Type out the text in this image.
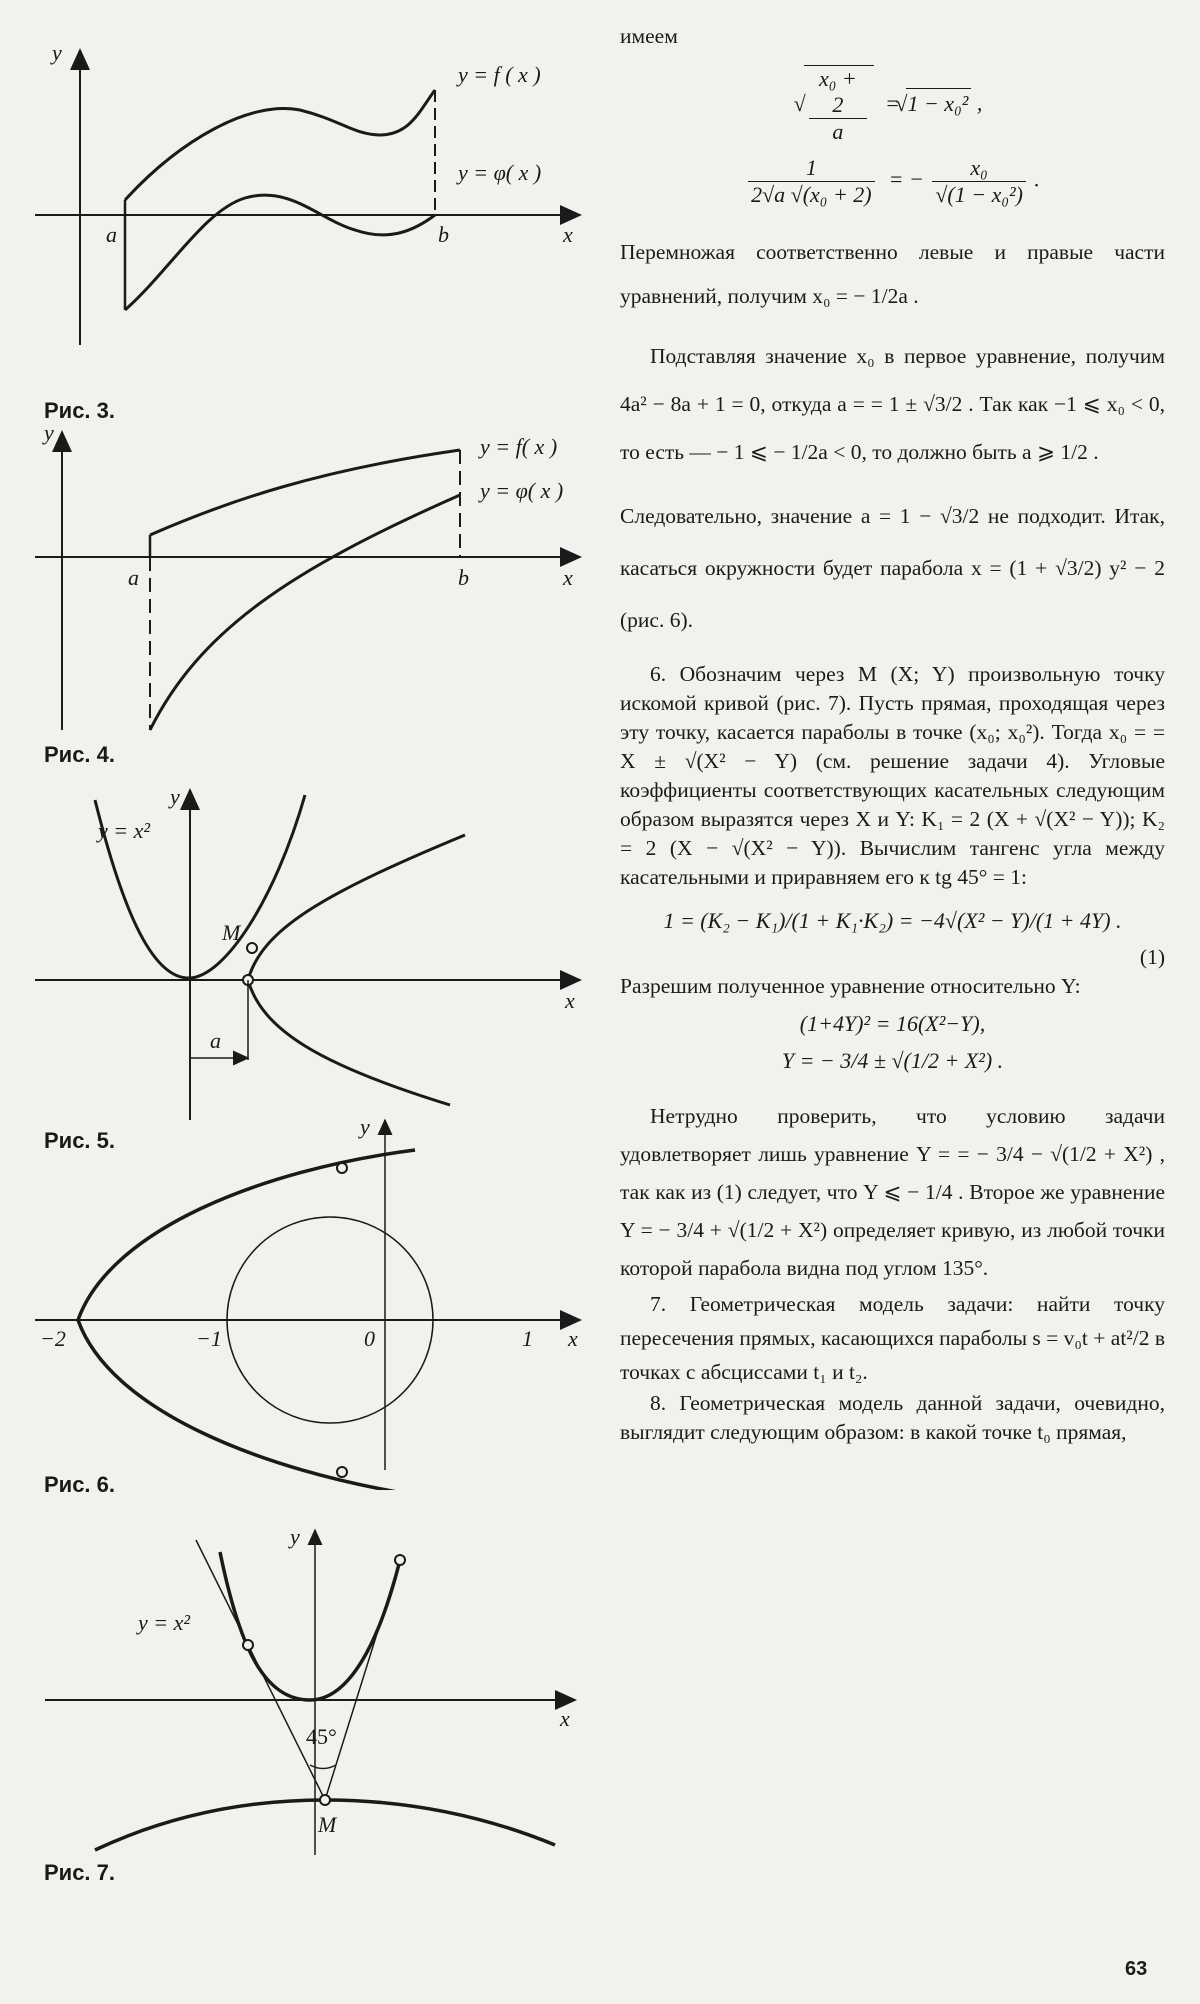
y
x
a	b
y = f ( x )
y = φ( x )
Рис. 3.
y
x
a	b
y = f( x )
y = φ( x )
Рис. 4.
y
x
y = x²
M
a
Рис. 5.
y
x
−2	−1	0	1
Рис. 6.
y
x
y = x²
45°
M
Рис. 7.

имеем

√ $\frac{\text{x₀ + 2}}{a}$ = √ 1 − x₀² ,
$\frac{1}{\text{2√a √(x₀ + 2)}}$ = − $\frac{\text{x₀}}{\text{√(1 − x₀²)}}$ .

Перемножая соответственно левые и правые части уравнений, получим x₀ = − 1/2a .

Подставляя значение x₀ в первое уравнение, получим 4a² − 8a + 1 = 0, откуда a = = 1 ± √3/2 . Так как −1 ⩽ x₀ < 0, то есть — − 1 ⩽ − 1/2a < 0, то должно быть a ⩾ 1/2 .

Следовательно, значение a = 1 − √3/2 не подходит. Итак, касаться окружности будет парабола x = (1 + √3/2) y² − 2 (рис. 6).

6. Обозначим через M (X; Y) произвольную точку искомой кривой (рис. 7). Пусть прямая, проходящая через эту точку, касается параболы в точке (x₀; x₀²). Тогда x₀ = = X ± √(X² − Y) (см. решение задачи 4). Угловые коэффициенты соответствующих касательных следующим образом выразятся через X и Y: K₁ = 2 (X + √(X² − Y)); K₂ = 2 (X − √(X² − Y)). Вычислим тангенс угла между касательными и приравняем его к tg 45° = 1:

1 = (K₂ − K₁)/(1 + K₁·K₂) = −4√(X² − Y)/(1 + 4Y) .

(1)

Разрешим полученное уравнение относительно Y:

(1+4Y)² = 16(X²−Y),
Y = − 3/4 ± √(1/2 + X²) .

Нетрудно проверить, что условию задачи удовлетворяет лишь уравнение Y = = − 3/4 − √(1/2 + X²) , так как из (1) следует, что Y ⩽ − 1/4 . Второе же уравнение Y = − 3/4 + √(1/2 + X²) определяет кривую, из любой точки которой парабола видна под углом 135°.

7. Геометрическая модель задачи: найти точку пересечения прямых, касающихся параболы s = v₀t + at²/2 в точках с абсциссами t₁ и t₂.

8. Геометрическая модель данной задачи, очевидно, выглядит следующим образом: в какой точке t₀ прямая,

63
